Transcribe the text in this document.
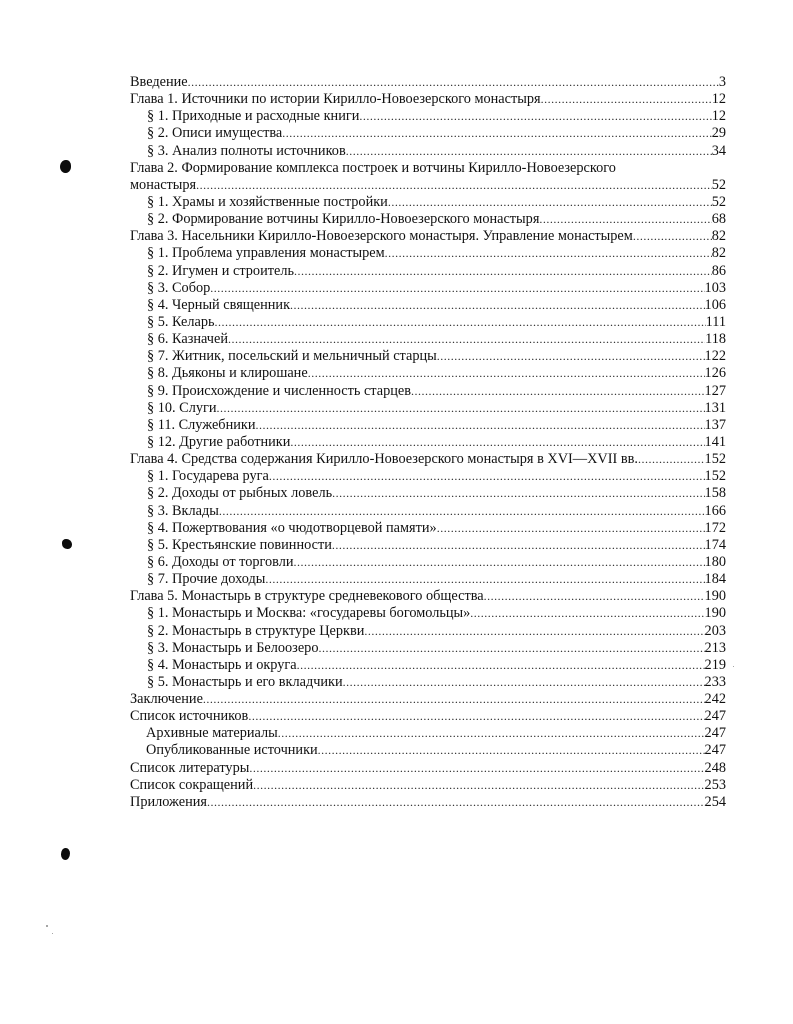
Введение .....	3
Глава 1. Источники по истории Кирилло-Новоезерского монастыря .....	12
§ 1. Приходные и расходные книги .....	12
§ 2. Описи имущества .....	29
§ 3. Анализ полноты источников .....	34
Глава 2. Формирование комплекса построек и вотчины Кирилло-Новоезерского
монастыря .....	52
§ 1. Храмы и хозяйственные постройки .....	52
§ 2. Формирование вотчины Кирилло-Новоезерского монастыря .....	68
Глава 3. Насельники Кирилло-Новоезерского монастыря. Управление монастырем .....	82
§ 1. Проблема управления монастырем .....	82
§ 2. Игумен и строитель .....	86
§ 3. Собор .....	103
§ 4. Черный священник .....	106
§ 5. Келарь .....	111
§ 6. Казначей .....	118
§ 7. Житник, посельский и мельничный старцы .....	122
§ 8. Дьяконы и клирошане .....	126
§ 9. Происхождение и численность старцев .....	127
§ 10. Слуги .....	131
§ 11. Служебники .....	137
§ 12. Другие работники .....	141
Глава 4. Средства содержания Кирилло-Новоезерского монастыря в XVI—XVII вв. .....	152
§ 1. Государева руга .....	152
§ 2. Доходы от рыбных ловель .....	158
§ 3. Вклады .....	166
§ 4. Пожертвования «о чюдотворцевой памяти» .....	172
§ 5. Крестьянские повинности .....	174
§ 6. Доходы от торговли .....	180
§ 7. Прочие доходы .....	184
Глава 5. Монастырь в структуре средневекового общества .....	190
§ 1. Монастырь и Москва: «государевы богомольцы» .....	190
§ 2. Монастырь в структуре Церкви .....	203
§ 3. Монастырь и Белоозеро .....	213
§ 4. Монастырь и округа .....	219
§ 5. Монастырь и его вкладчики .....	233
Заключение .....	242
Список источников .....	247
Архивные материалы .....	247
Опубликованные источники .....	247
Список литературы .....	248
Список сокращений .....	253
Приложения .....	254
